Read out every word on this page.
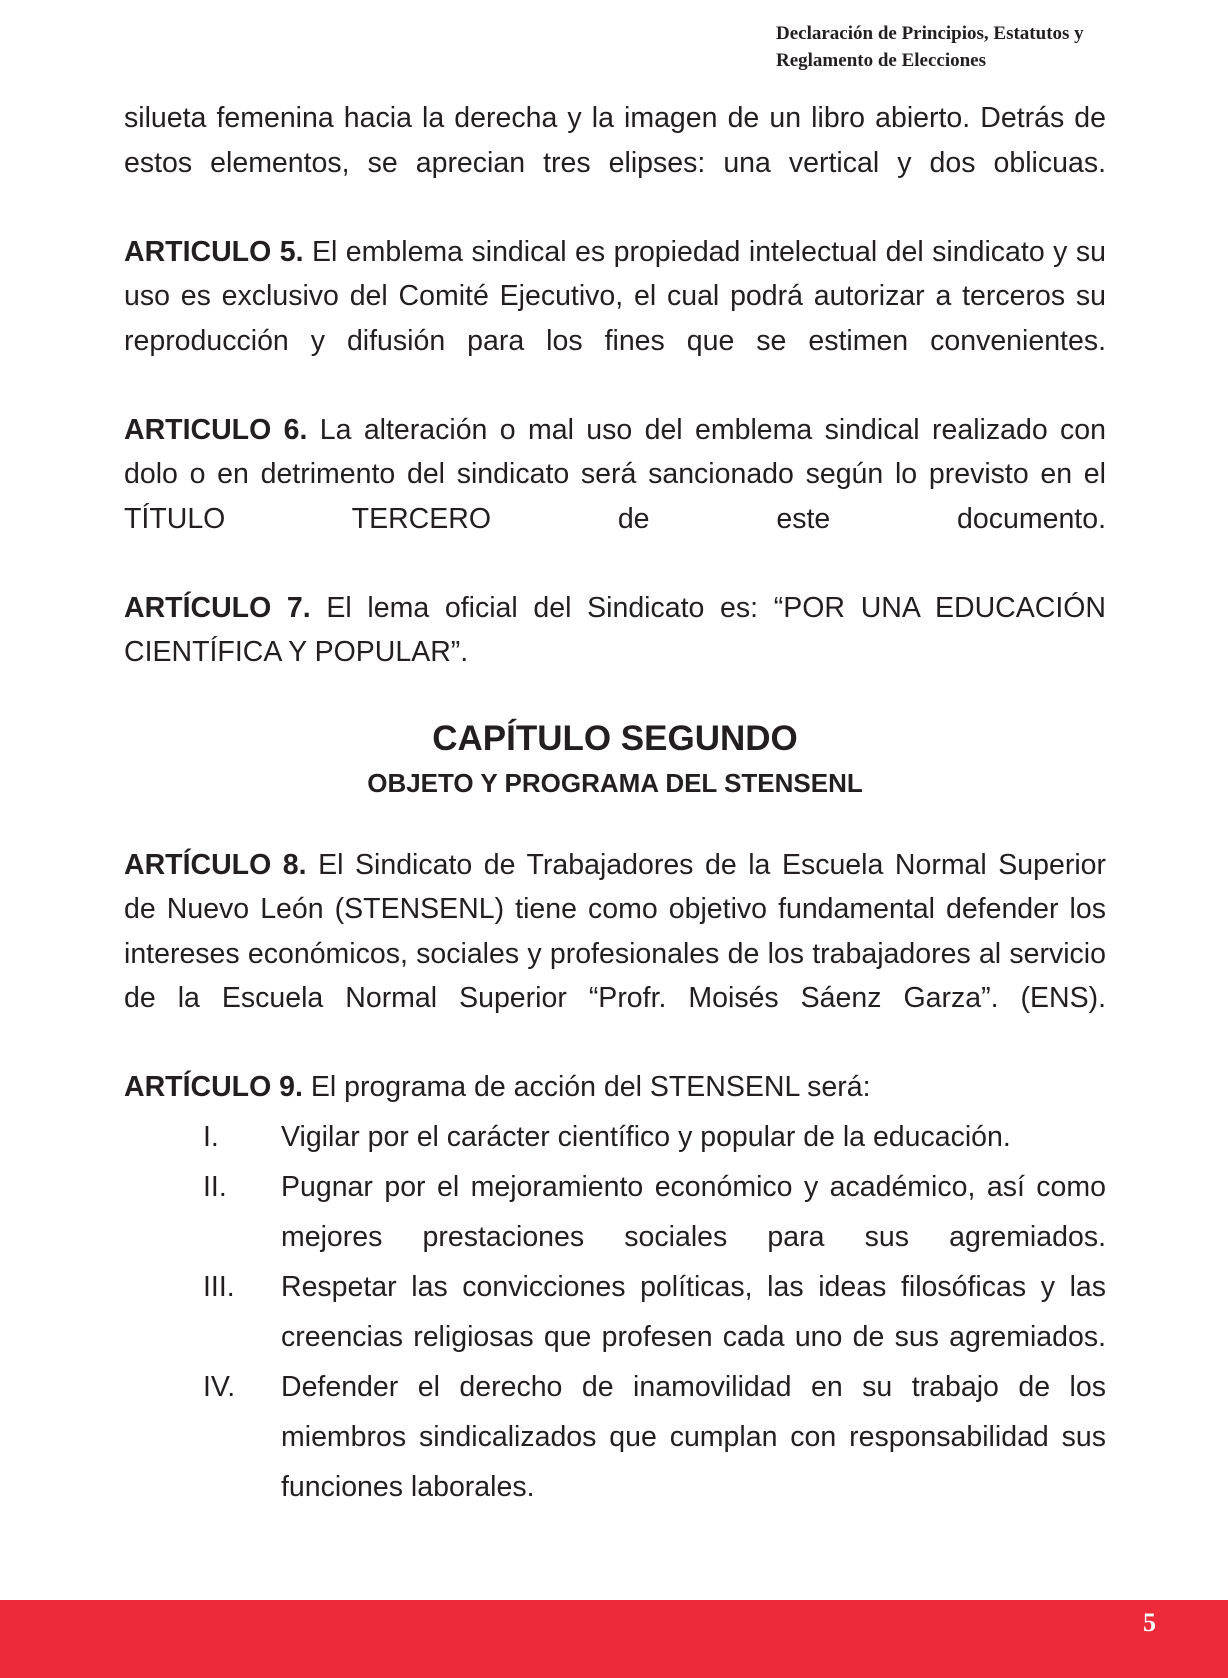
Declaración de Principios, Estatutos y
Reglamento de Elecciones

silueta femenina hacia la derecha y la imagen de un libro abierto. Detrás de estos elementos, se aprecian tres elipses: una vertical y dos oblicuas.

ARTICULO 5. El emblema sindical es propiedad intelectual del sindicato y su uso es exclusivo del Comité Ejecutivo, el cual podrá autorizar a terceros su reproducción y difusión para los fines que se estimen convenientes.

ARTICULO 6. La alteración o mal uso del emblema sindical realizado con dolo o en detrimento del sindicato será sancionado según lo previsto en el TÍTULO TERCERO de este documento.

ARTÍCULO 7. El lema oficial del Sindicato es: “POR UNA EDUCACIÓN CIENTÍFICA Y POPULAR”.

CAPÍTULO SEGUNDO
OBJETO Y PROGRAMA DEL STENSENL

ARTÍCULO 8. El Sindicato de Trabajadores de la Escuela Normal Superior de Nuevo León (STENSENL) tiene como objetivo fundamental defender los intereses económicos, sociales y profesionales de los trabajadores al servicio de la Escuela Normal Superior “Profr. Moisés Sáenz Garza”. (ENS).

ARTÍCULO 9. El programa de acción del STENSENL será:

I.	Vigilar por el carácter científico y popular de la educación.
II.	Pugnar por el mejoramiento económico y académico, así como mejores prestaciones sociales para sus agremiados.
III.	Respetar las convicciones políticas, las ideas filosóficas y las creencias religiosas que profesen cada uno de sus agremiados.
IV.	Defender el derecho de inamovilidad en su trabajo de los miembros sindicalizados que cumplan con responsabilidad sus funciones laborales.
5
